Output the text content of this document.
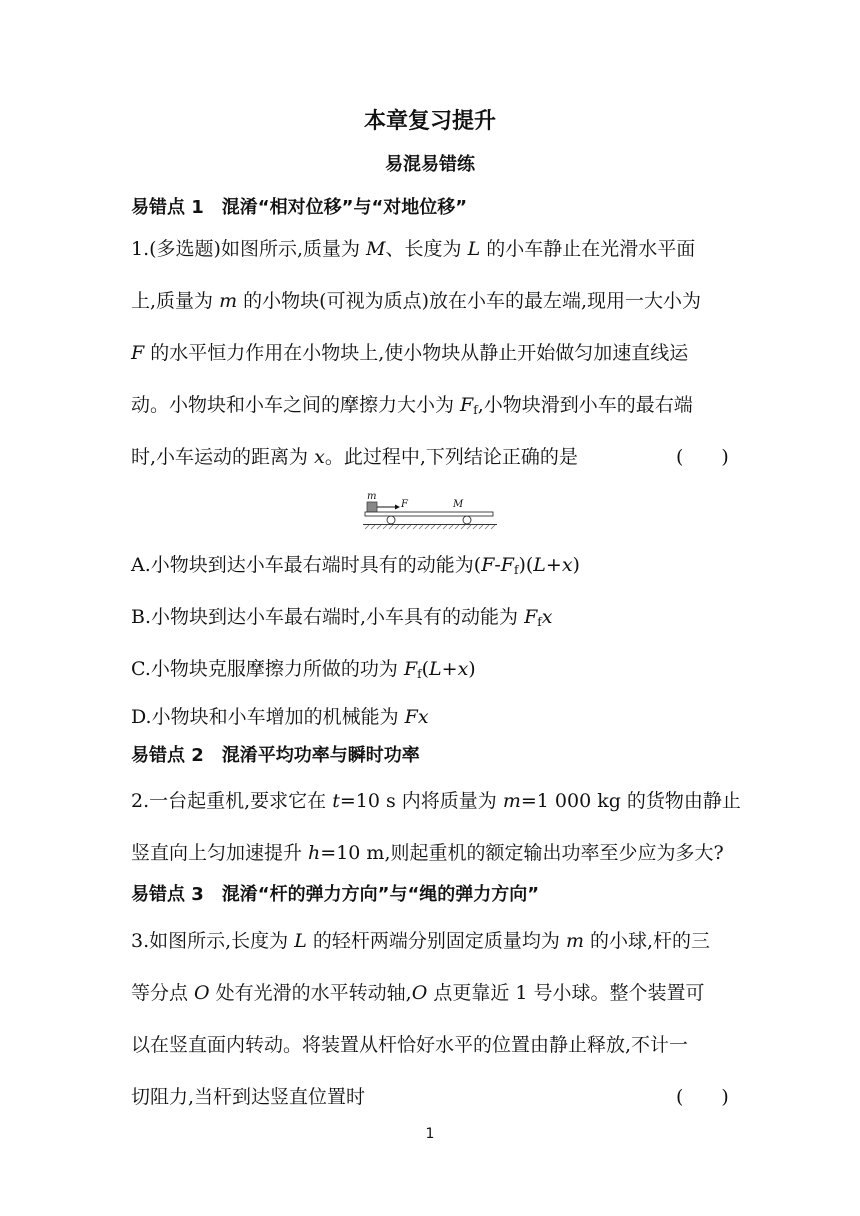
本章复习提升
易混易错练
易错点 1　混淆“相对位移”与“对地位移”
1.(多选题)如图所示,质量为 M、长度为 L 的小车静止在光滑水平面
上,质量为 m 的小物块(可视为质点)放在小车的最左端,现用一大小为
F 的水平恒力作用在小物块上,使小物块从静止开始做匀加速直线运
动。小物块和小车之间的摩擦力大小为 $F_f$,小物块滑到小车的最右端
时,小车运动的距离为 x。此过程中,下列结论正确的是	(　　)
m
F	M
A.小物块到达小车最右端时具有的动能为$(F-F_f)(L+x)$
B.小物块到达小车最右端时,小车具有的动能为 $F_fx$
C.小物块克服摩擦力所做的功为 $F_f(L+x)$
D.小物块和小车增加的机械能为 Fx
易错点 2　混淆平均功率与瞬时功率
2.一台起重机,要求它在 t=10 s 内将质量为 m=1 000 kg 的货物由静止
竖直向上匀加速提升 h=10 m,则起重机的额定输出功率至少应为多大?
易错点 3　混淆“杆的弹力方向”与“绳的弹力方向”
3.如图所示,长度为 L 的轻杆两端分别固定质量均为 m 的小球,杆的三
等分点 O 处有光滑的水平转动轴,O 点更靠近 1 号小球。整个装置可
以在竖直面内转动。将装置从杆恰好水平的位置由静止释放,不计一
切阻力,当杆到达竖直位置时	(　　)
1
